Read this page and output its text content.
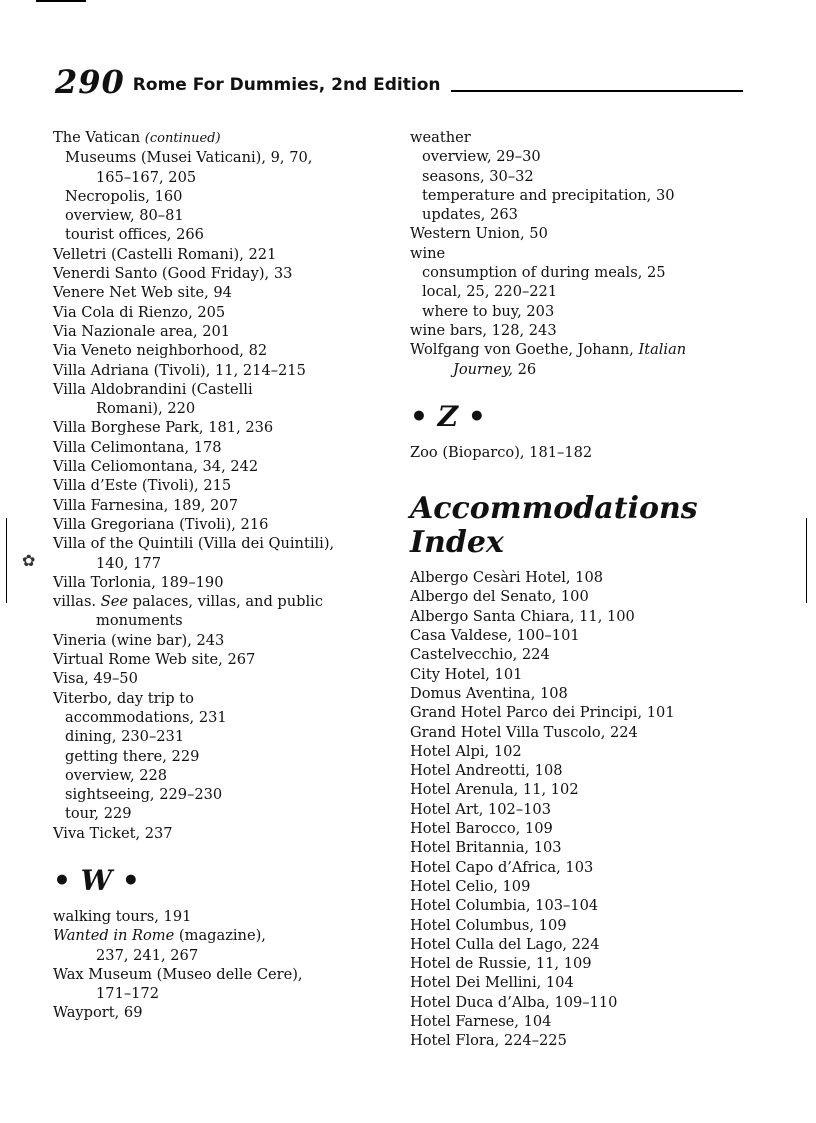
✿
290 Rome For Dummies, 2nd Edition
The Vatican (continued)
Museums (Musei Vaticani), 9, 70,
165–167, 205
Necropolis, 160
overview, 80–81
tourist offices, 266
Velletri (Castelli Romani), 221
Venerdi Santo (Good Friday), 33
Venere Net Web site, 94
Via Cola di Rienzo, 205
Via Nazionale area, 201
Via Veneto neighborhood, 82
Villa Adriana (Tivoli), 11, 214–215
Villa Aldobrandini (Castelli
Romani), 220
Villa Borghese Park, 181, 236
Villa Celimontana, 178
Villa Celiomontana, 34, 242
Villa d’Este (Tivoli), 215
Villa Farnesina, 189, 207
Villa Gregoriana (Tivoli), 216
Villa of the Quintili (Villa dei Quintili),
140, 177
Villa Torlonia, 189–190
villas. See palaces, villas, and public
monuments
Vineria (wine bar), 243
Virtual Rome Web site, 267
Visa, 49–50
Viterbo, day trip to
accommodations, 231
dining, 230–231
getting there, 229
overview, 228
sightseeing, 229–230
tour, 229
Viva Ticket, 237
• W •
walking tours, 191
Wanted in Rome (magazine),
237, 241, 267
Wax Museum (Museo delle Cere),
171–172
Wayport, 69
weather
overview, 29–30
seasons, 30–32
temperature and precipitation, 30
updates, 263
Western Union, 50
wine
consumption of during meals, 25
local, 25, 220–221
where to buy, 203
wine bars, 128, 243
Wolfgang von Goethe, Johann, Italian
Journey, 26
• Z •
Zoo (Bioparco), 181–182
Accommodations
Index
Albergo Cesàri Hotel, 108
Albergo del Senato, 100
Albergo Santa Chiara, 11, 100
Casa Valdese, 100–101
Castelvecchio, 224
City Hotel, 101
Domus Aventina, 108
Grand Hotel Parco dei Principi, 101
Grand Hotel Villa Tuscolo, 224
Hotel Alpi, 102
Hotel Andreotti, 108
Hotel Arenula, 11, 102
Hotel Art, 102–103
Hotel Barocco, 109
Hotel Britannia, 103
Hotel Capo d’Africa, 103
Hotel Celio, 109
Hotel Columbia, 103–104
Hotel Columbus, 109
Hotel Culla del Lago, 224
Hotel de Russie, 11, 109
Hotel Dei Mellini, 104
Hotel Duca d’Alba, 109–110
Hotel Farnese, 104
Hotel Flora, 224–225
